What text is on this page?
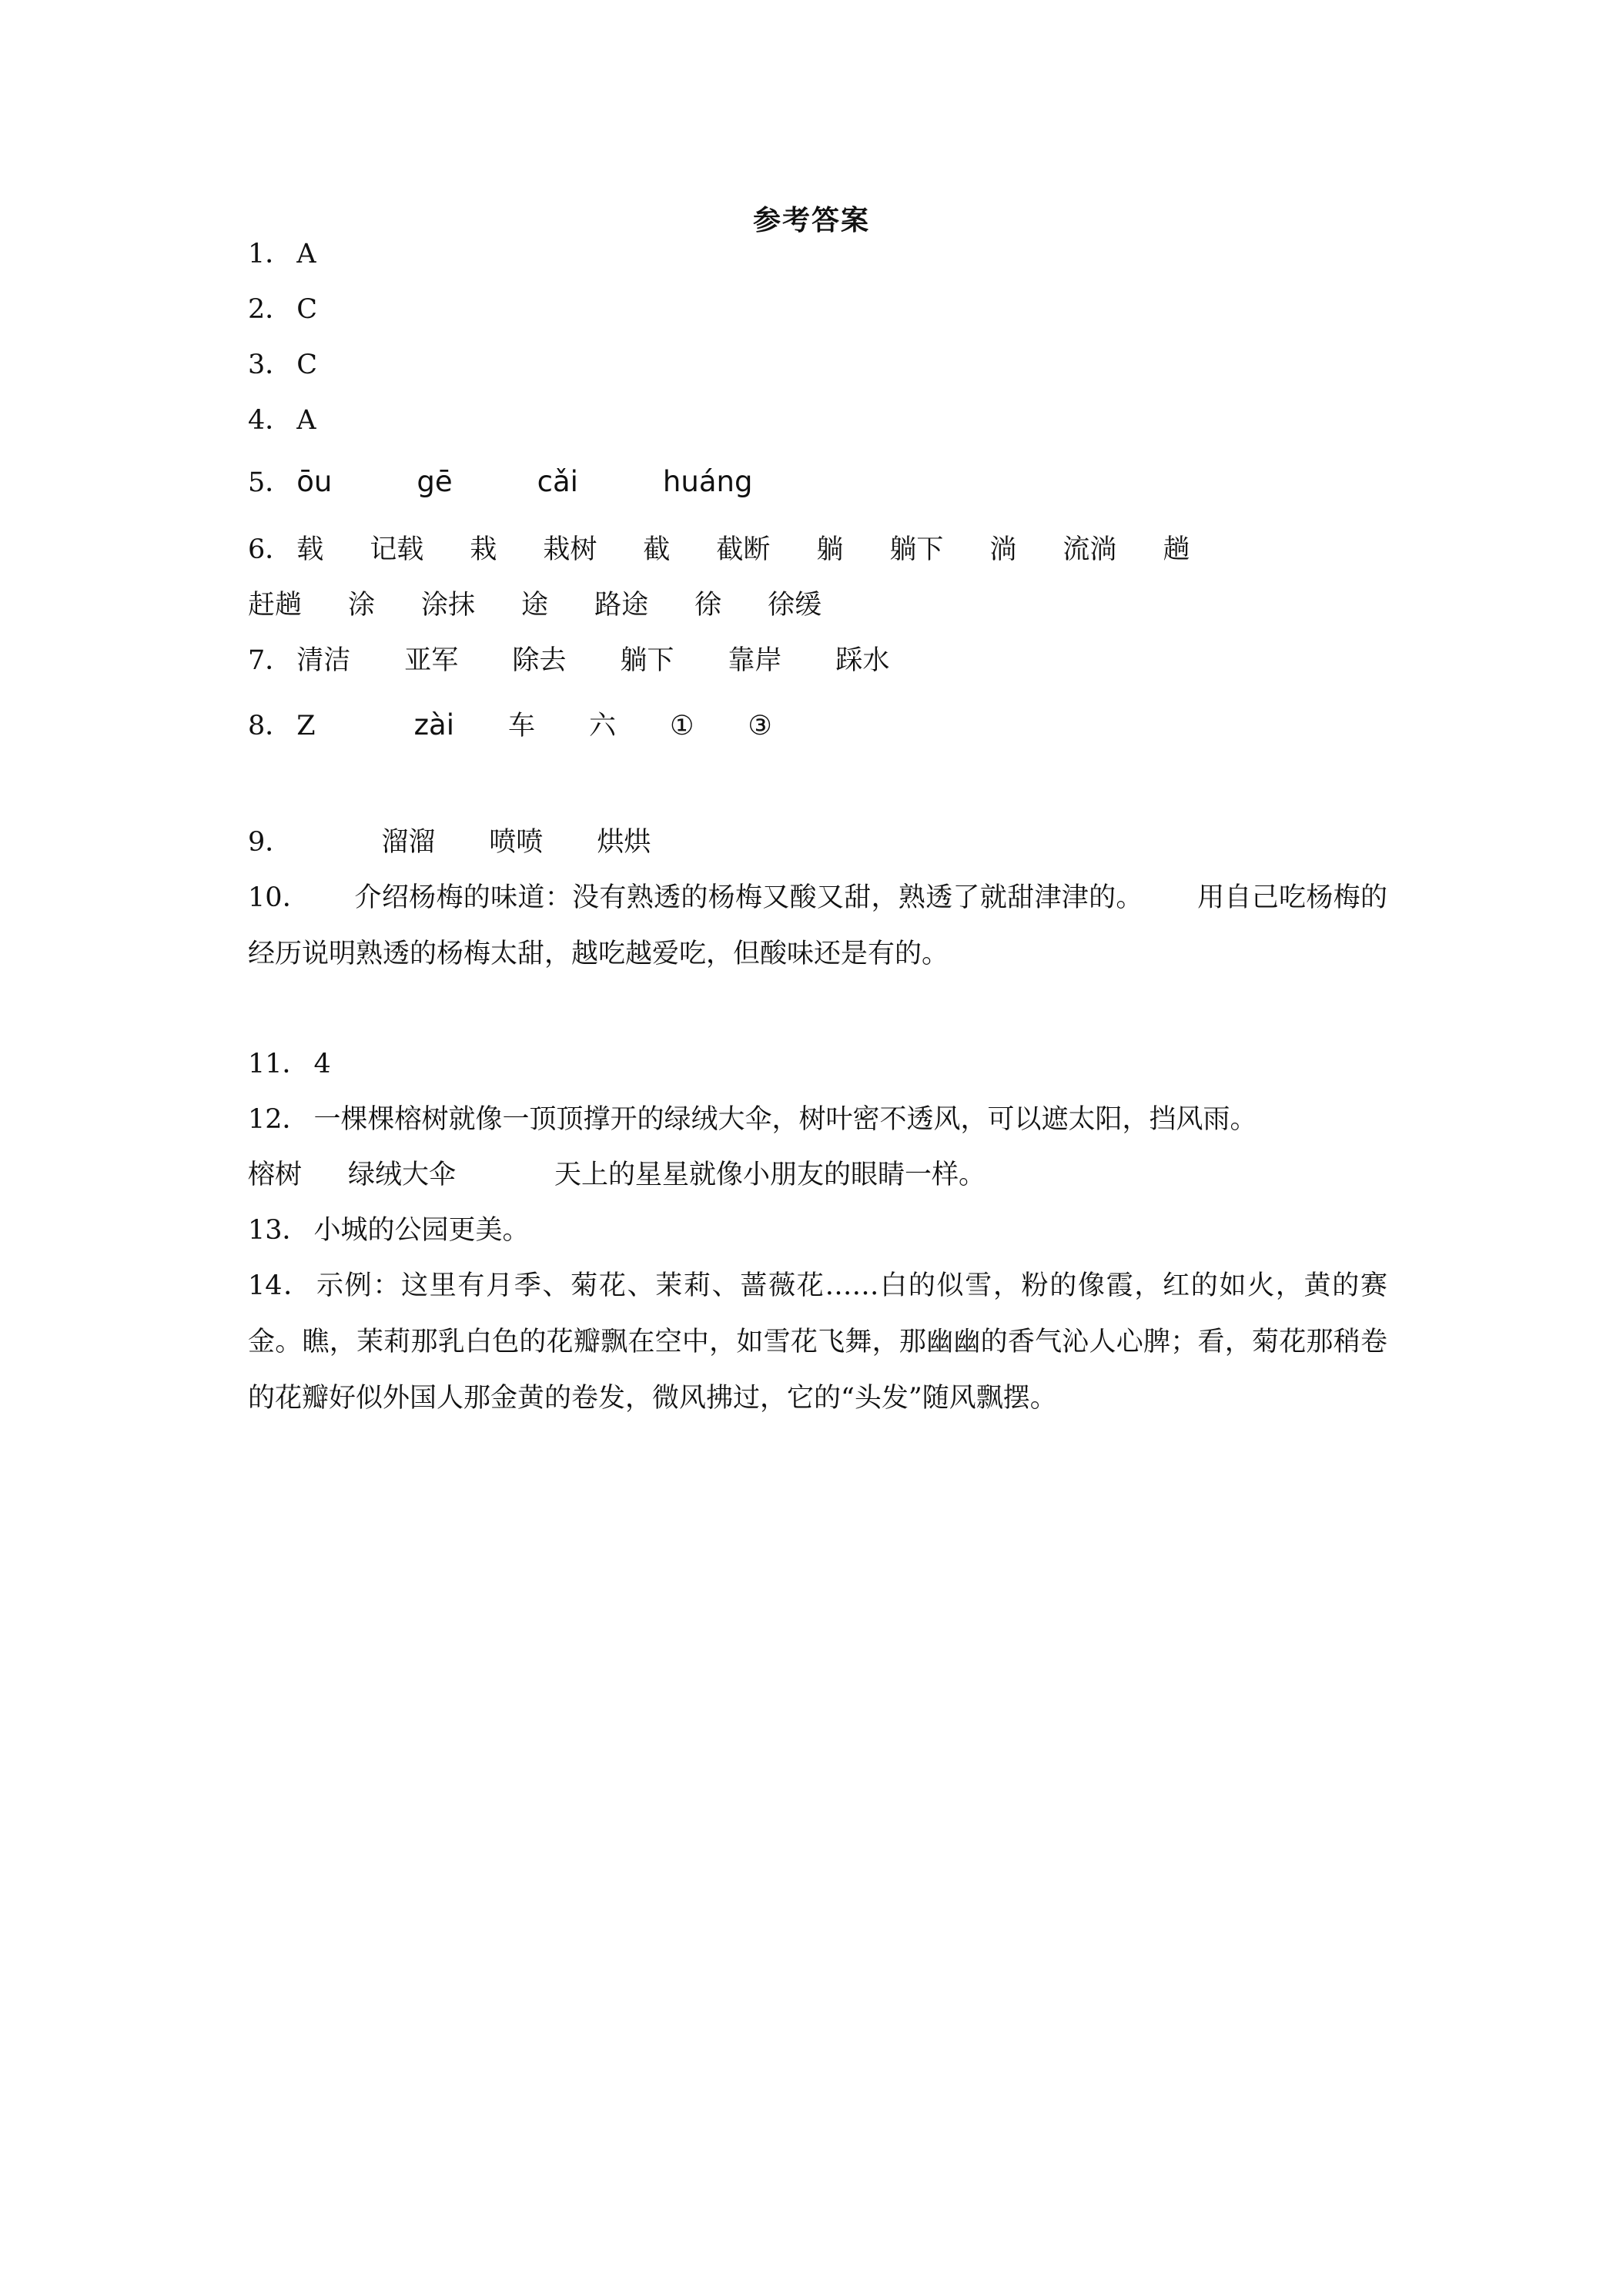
参考答案
1． A
2． C
3． C
4． A
5． ōu	gē	cǎi	huáng
6． 载 记载 栽 栽树 截 截断 躺 躺下 淌 流淌 趟
赶趟 涂 涂抹 途 路途 徐 徐缓
7． 清洁 亚军 除去 躺下 靠岸 踩水
8． Z	zài 车 六 ① ③
9．	溜溜 喷喷 烘烘
10． 介绍杨梅的味道：没有熟透的杨梅又酸又甜，熟透了就甜津津的。 用自己吃杨梅的经历说明熟透的杨梅太甜，越吃越爱吃，但酸味还是有的。
11． 4
12． 一棵棵榕树就像一顶顶撑开的绿绒大伞，树叶密不透风，可以遮太阳，挡风雨。
榕树 绿绒大伞	天上的星星就像小朋友的眼睛一样。
13． 小城的公园更美。
14． 示例：这里有月季、菊花、茉莉、蔷薇花……白的似雪，粉的像霞，红的如火，黄的赛金。瞧，茉莉那乳白色的花瓣飘在空中，如雪花飞舞，那幽幽的香气沁人心脾；看，菊花那稍卷的花瓣好似外国人那金黄的卷发，微风拂过，它的“头发”随风飘摆。
